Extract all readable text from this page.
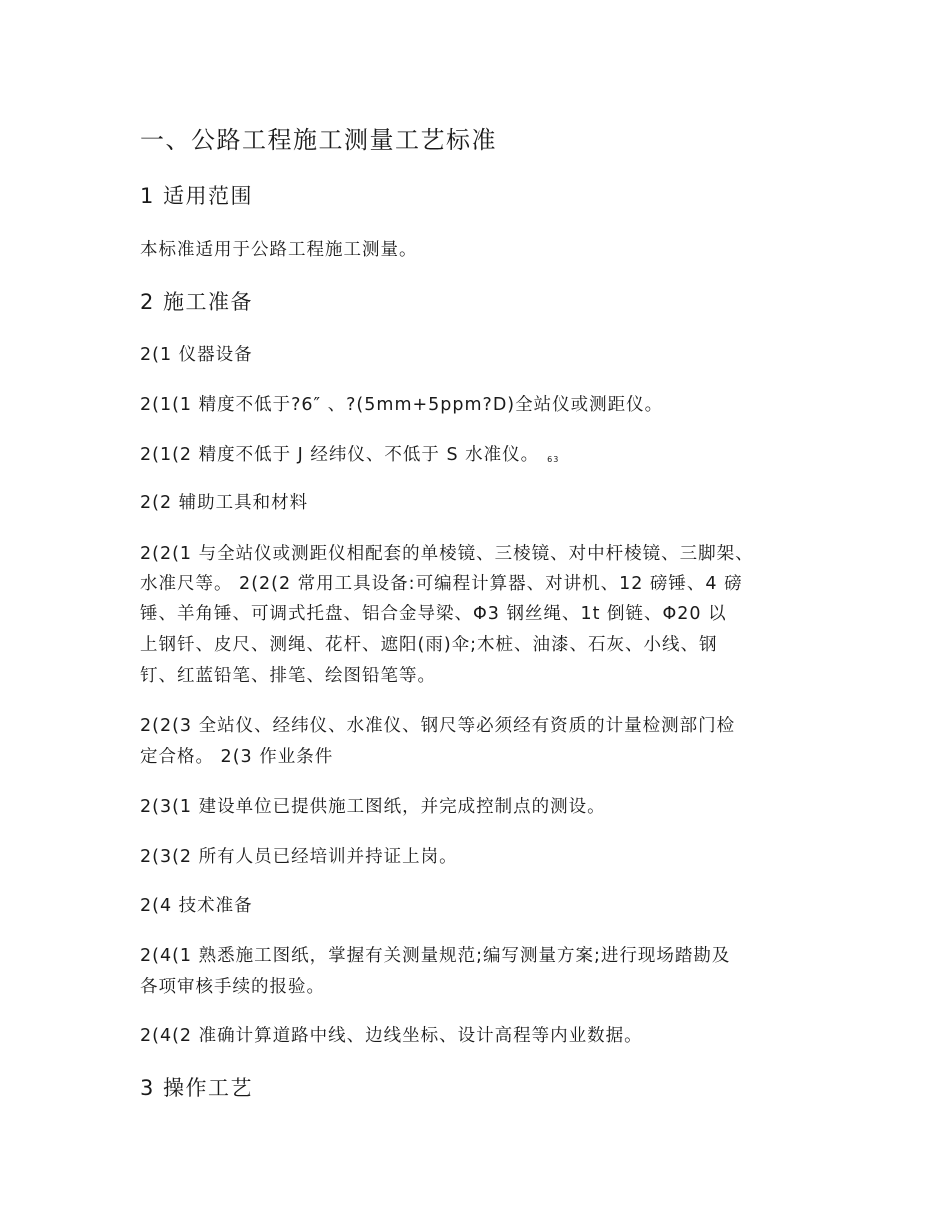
一、公路工程施工测量工艺标准
1 适用范围
本标准适用于公路工程施工测量。
2 施工准备
2(1 仪器设备
2(1(1 精度不低于?6″ 、?(5mm+5ppm?D)全站仪或测距仪。
2(1(2 精度不低于 J 经纬仪、不低于 S 水准仪。 $_{63}$
2(2 辅助工具和材料
2(2(1 与全站仪或测距仪相配套的单棱镜、三棱镜、对中杆棱镜、三脚架、
水准尺等。 2(2(2 常用工具设备:可编程计算器、对讲机、12 磅锤、4 磅
锤、羊角锤、可调式托盘、铝合金导梁、Φ3 钢丝绳、1t 倒链、Φ20 以
上钢钎、皮尺、测绳、花杆、遮阳(雨)伞;木桩、油漆、石灰、小线、钢
钉、红蓝铅笔、排笔、绘图铅笔等。
2(2(3 全站仪、经纬仪、水准仪、钢尺等必须经有资质的计量检测部门检
定合格。 2(3 作业条件
2(3(1 建设单位已提供施工图纸，并完成控制点的测设。
2(3(2 所有人员已经培训并持证上岗。
2(4 技术准备
2(4(1 熟悉施工图纸，掌握有关测量规范;编写测量方案;进行现场踏勘及
各项审核手续的报验。
2(4(2 准确计算道路中线、边线坐标、设计高程等内业数据。
3 操作工艺
